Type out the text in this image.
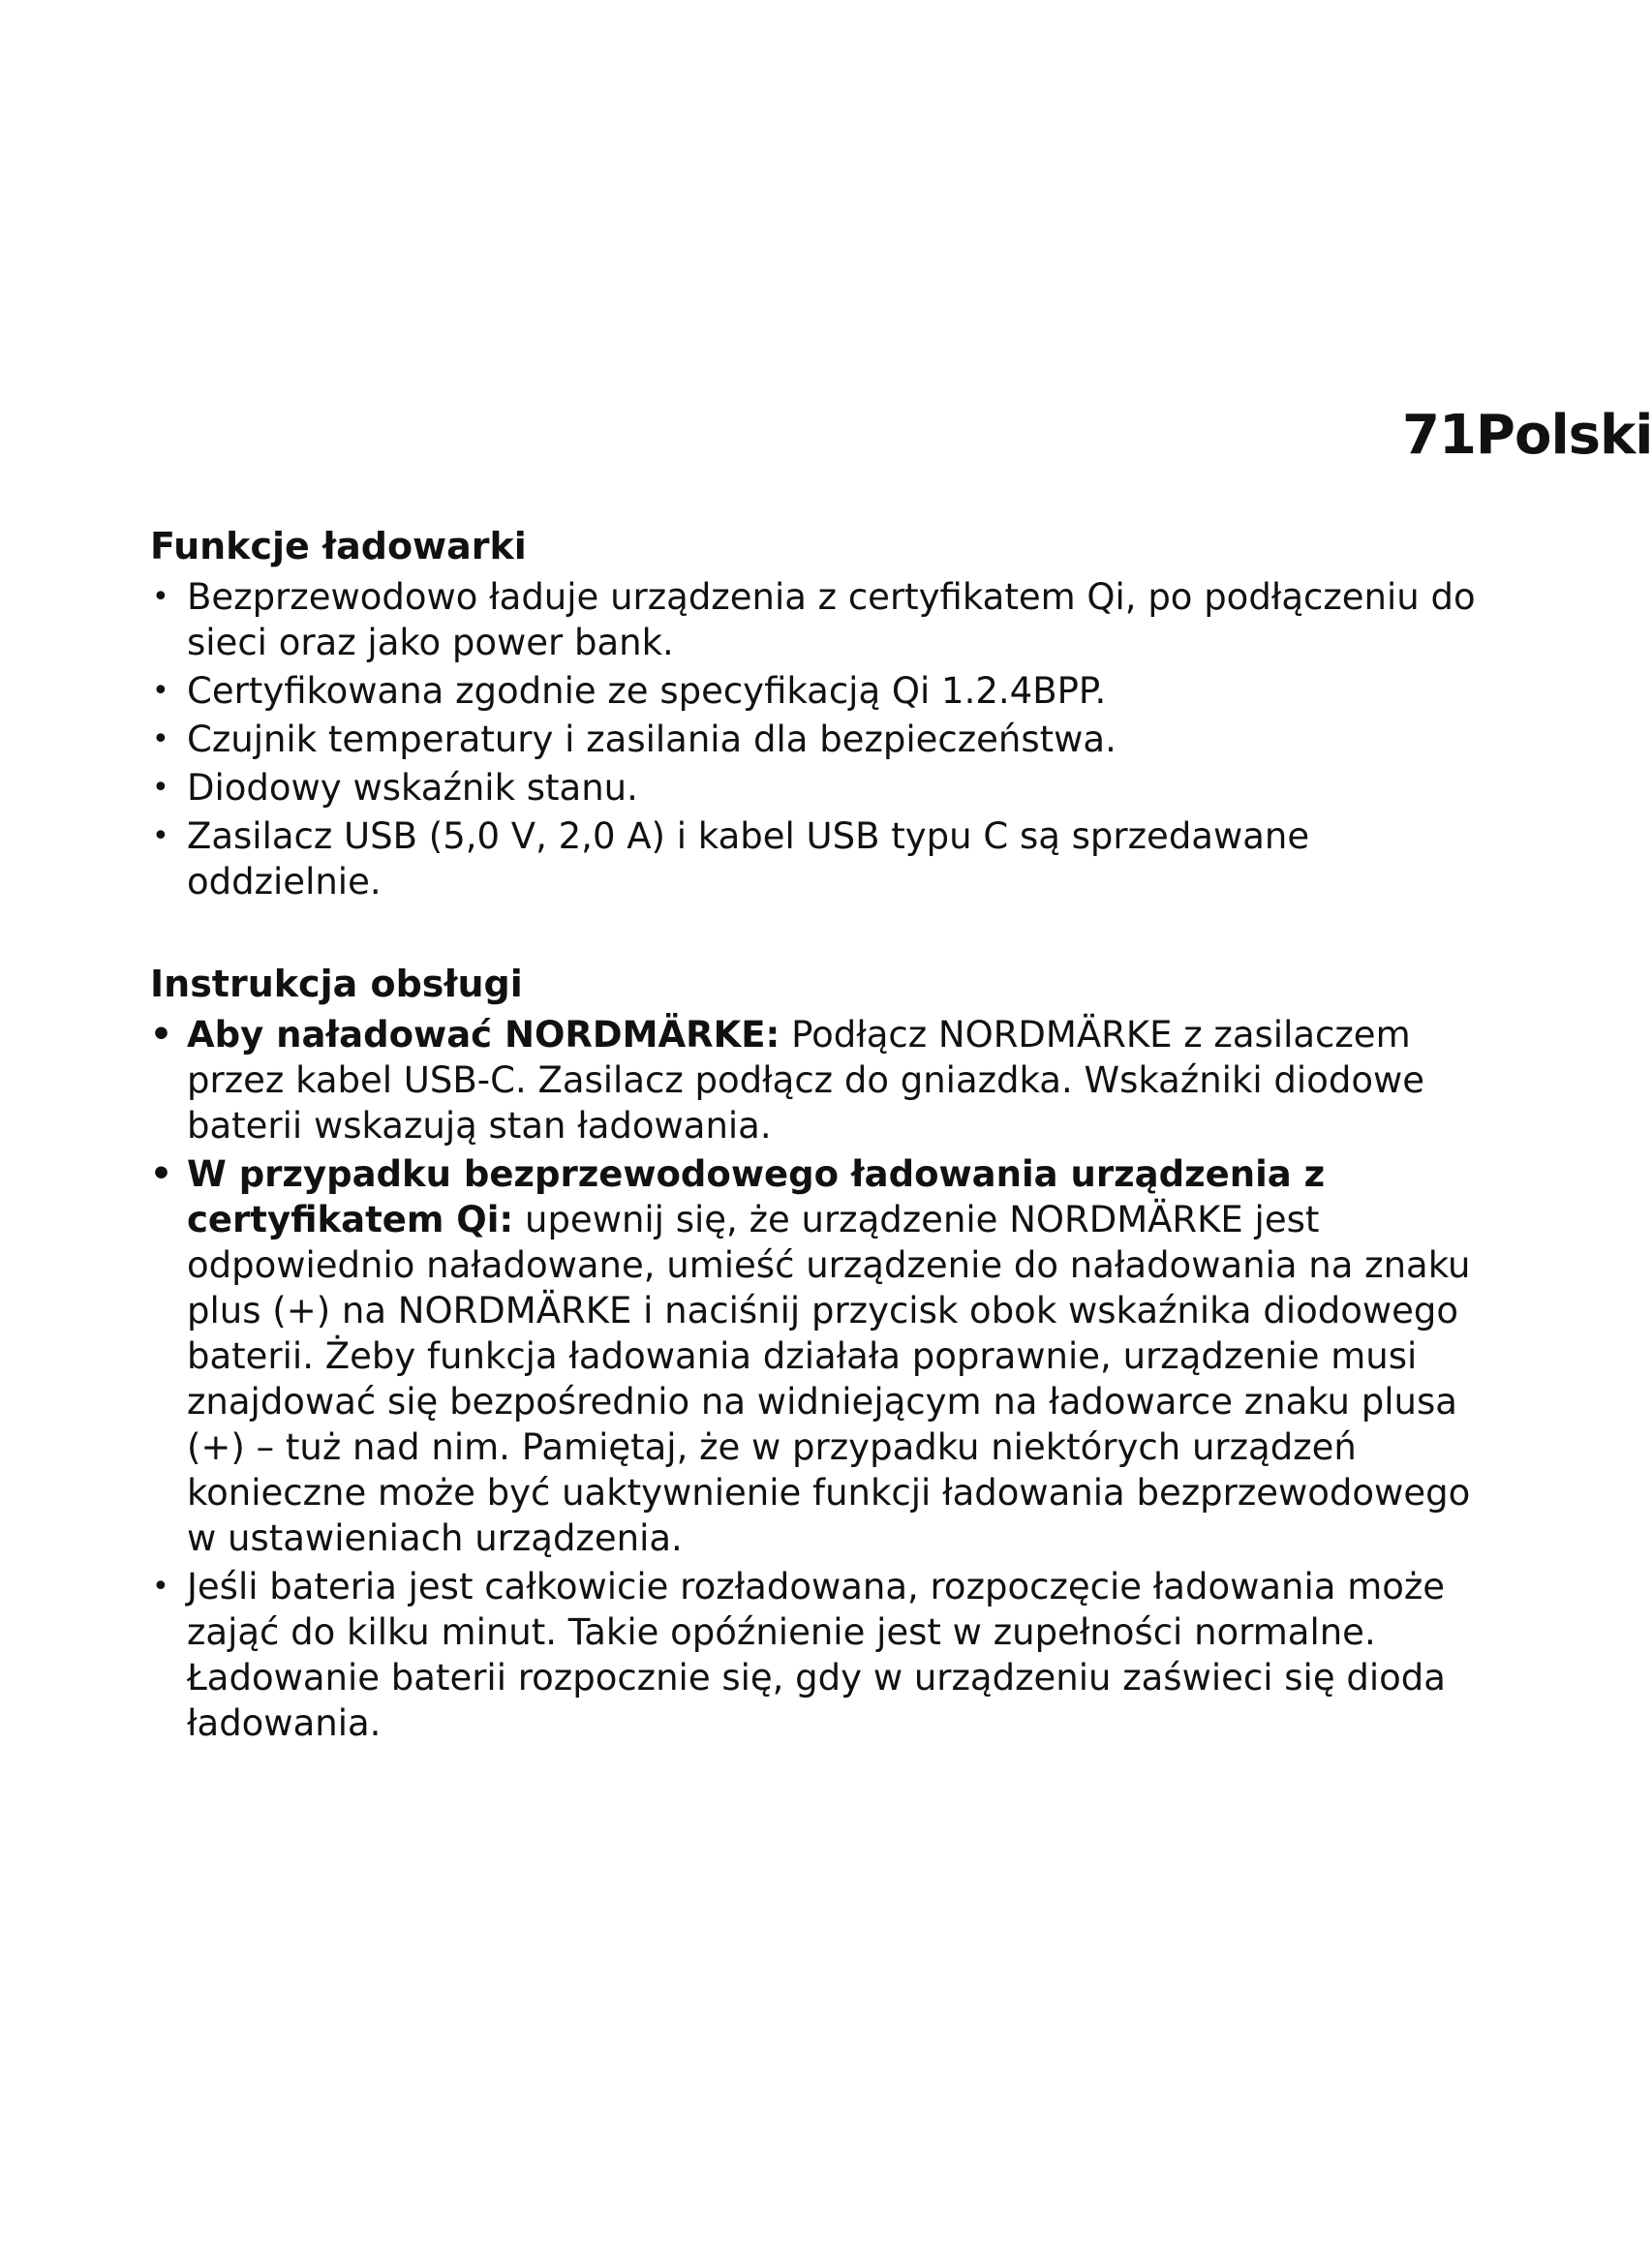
71Polski
Funkcje ładowarki
• Bezprzewodowo ładuje urządzenia z certyfikatem Qi, po podłączeniu do sieci oraz jako power bank.
• Certyfikowana zgodnie ze specyfikacją Qi 1.2.4BPP.
• Czujnik temperatury i zasilania dla bezpieczeństwa.
• Diodowy wskaźnik stanu.
• Zasilacz USB (5,0 V, 2,0 A) i kabel USB typu C są sprzedawane oddzielnie.
Instrukcja obsługi
• Aby naładować NORDMÄRKE: Podłącz NORDMÄRKE z zasilaczem przez kabel USB-C. Zasilacz podłącz do gniazdka. Wskaźniki diodowe baterii wskazują stan ładowania.
• W przypadku bezprzewodowego ładowania urządzenia z certyfikatem Qi: upewnij się, że urządzenie NORDMÄRKE jest odpowiednio naładowane, umieść urządzenie do naładowania na znaku plus (+) na NORDMÄRKE i naciśnij przycisk obok wskaźnika diodowego baterii. Żeby funkcja ładowania działała poprawnie, urządzenie musi znajdować się bezpośrednio na widniejącym na ładowarce znaku plusa (+) – tuż nad nim. Pamiętaj, że w przypadku niektórych urządzeń konieczne może być uaktywnienie funkcji ładowania bezprzewodowego w ustawieniach urządzenia.
• Jeśli bateria jest całkowicie rozładowana, rozpoczęcie ładowania może zająć do kilku minut. Takie opóźnienie jest w zupełności normalne. Ładowanie baterii rozpocznie się, gdy w urządzeniu zaświeci się dioda ładowania.
